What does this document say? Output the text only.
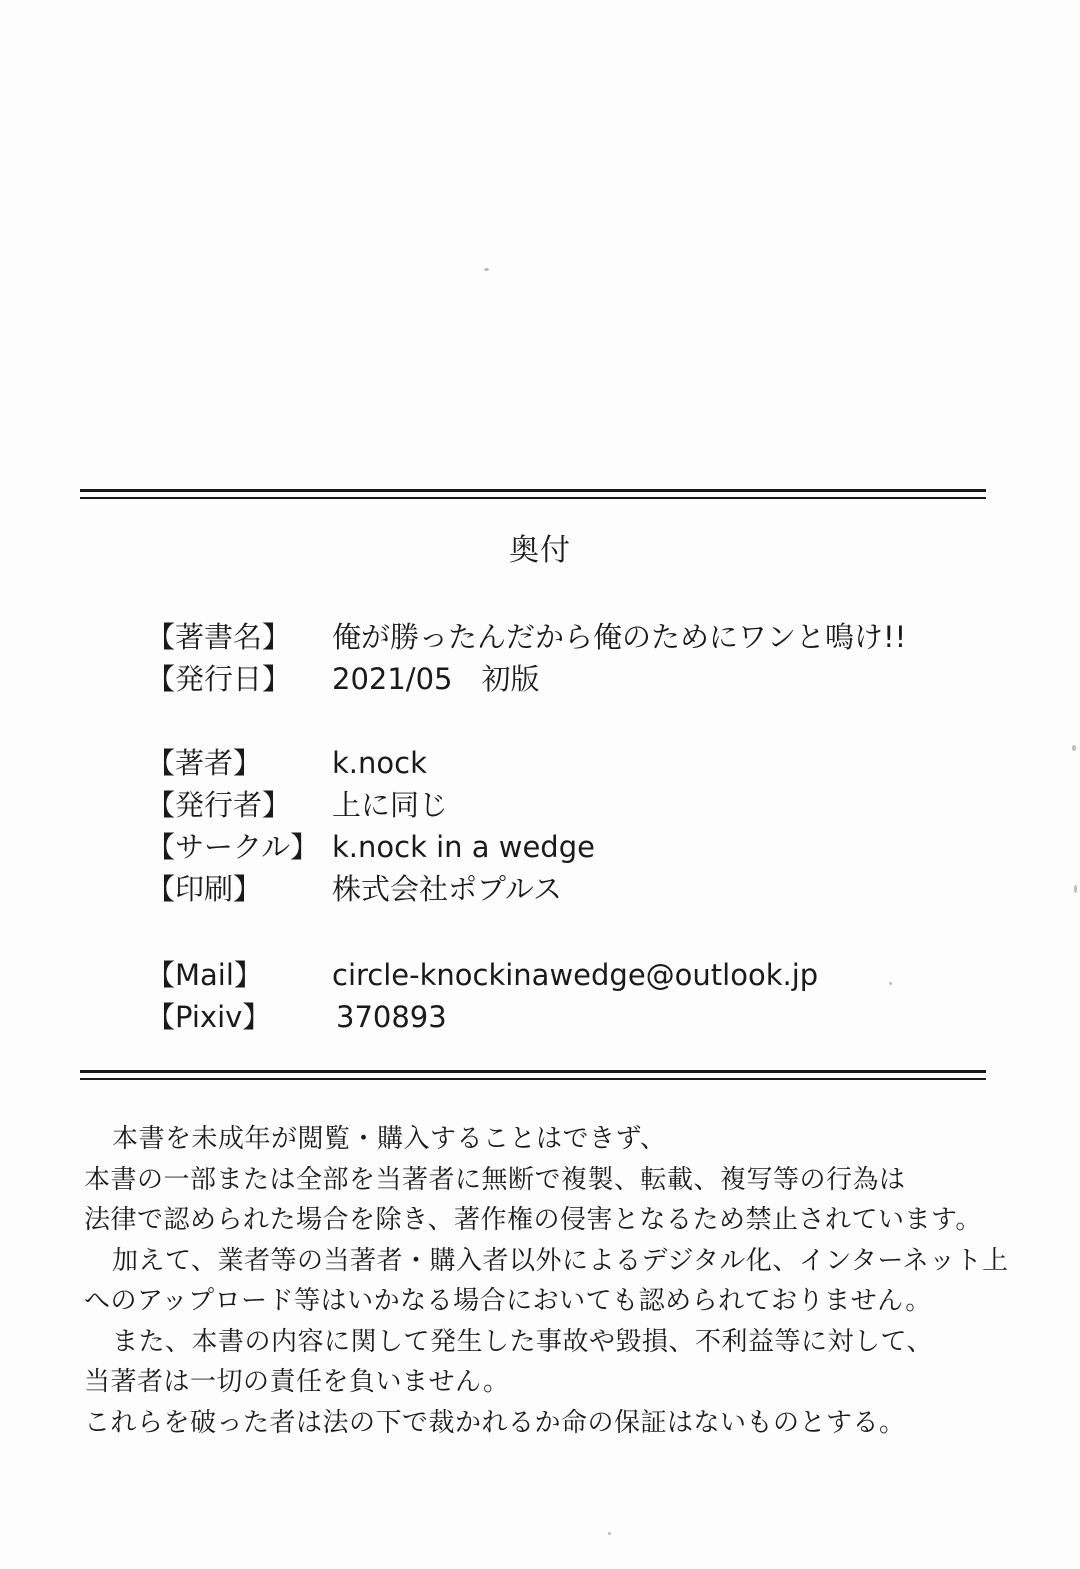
奥付
【著書名】 俺が勝ったんだから俺のためにワンと鳴け!!
【発行日】 2021/05　初版
【著者】 k.nock
【発行者】 上に同じ
【サークル】 k.nock in a wedge
【印刷】 株式会社ポプルス
【Mail】 circle-knockinawedge@outlook.jp
【Pixiv】 370893

本書を未成年が閲覧・購入することはできず、

本書の一部または全部を当著者に無断で複製、転載、複写等の行為は

法律で認められた場合を除き、著作権の侵害となるため禁止されています。

加えて、業者等の当著者・購入者以外によるデジタル化、インターネット上

へのアップロード等はいかなる場合においても認められておりません。

また、本書の内容に関して発生した事故や毀損、不利益等に対して、

当著者は一切の責任を負いません。

これらを破った者は法の下で裁かれるか命の保証はないものとする。
